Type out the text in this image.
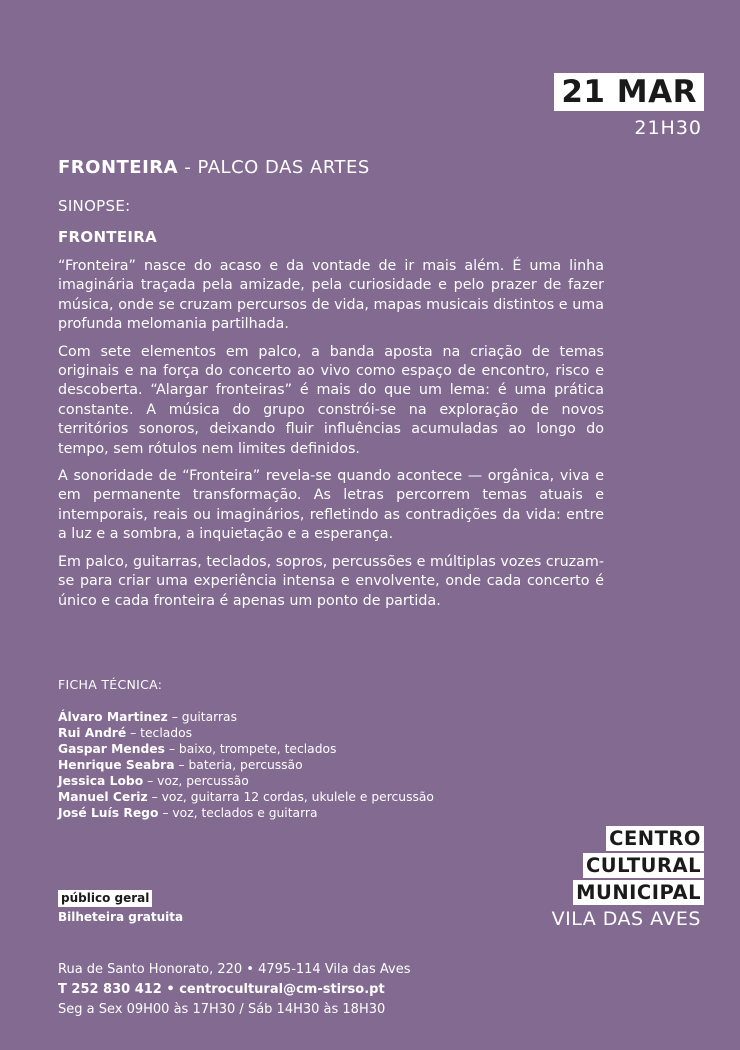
21 MAR
21H30
FRONTEIRA - PALCO DAS ARTES
SINOPSE:
FRONTEIRA

“Fronteira” nasce do acaso e da vontade de ir mais além. É uma linha imaginária traçada pela amizade, pela curiosidade e pelo prazer de fazer música, onde se cruzam percursos de vida, mapas musicais distintos e uma profunda melomania partilhada.

Com sete elementos em palco, a banda aposta na criação de temas originais e na força do concerto ao vivo como espaço de encontro, risco e descoberta. “Alargar fronteiras” é mais do que um lema: é uma prática constante. A música do grupo constrói-se na exploração de novos territórios sonoros, deixando fluir influências acumuladas ao longo do tempo, sem rótulos nem limites definidos.

A sonoridade de “Fronteira” revela-se quando acontece — orgânica, viva e em permanente transformação. As letras percorrem temas atuais e intemporais, reais ou imaginários, refletindo as contradições da vida: entre a luz e a sombra, a inquietação e a esperança.

Em palco, guitarras, teclados, sopros, percussões e múltiplas vozes cruzam-se para criar uma experiência intensa e envolvente, onde cada concerto é único e cada fronteira é apenas um ponto de partida.

FICHA TÉCNICA:
Álvaro Martinez – guitarras
Rui André – teclados
Gaspar Mendes – baixo, trompete, teclados
Henrique Seabra – bateria, percussão
Jessica Lobo – voz, percussão
Manuel Ceriz – voz, guitarra 12 cordas, ukulele e percussão
José Luís Rego – voz, teclados e guitarra
CENTRO
CULTURAL
MUNICIPAL
VILA DAS AVES
público geral
Bilheteira gratuita
Rua de Santo Honorato, 220 • 4795-114 Vila das Aves
T 252 830 412 • centrocultural@cm-stirso.pt
Seg a Sex 09H00 às 17H30 / Sáb 14H30 às 18H30
